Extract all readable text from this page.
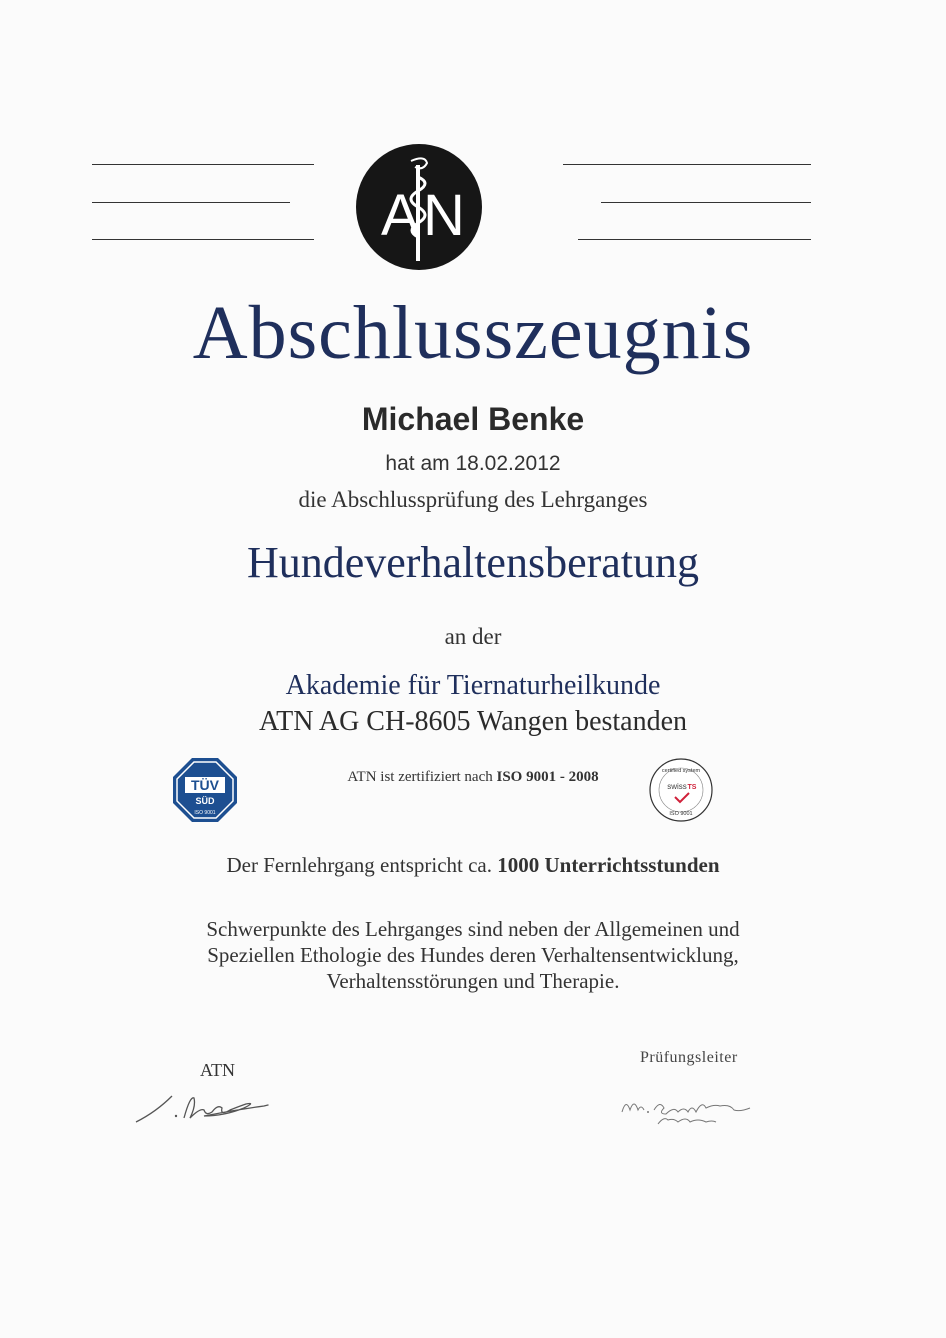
A N
Abschlusszeugnis
Michael Benke
hat am 18.02.2012
die Abschlussprüfung des Lehrganges
Hundeverhaltensberatung
an der
Akademie für Tiernaturheilkunde
ATN AG CH-8605 Wangen bestanden
TÜV
SÜD
ISO 9001
ATN ist zertifiziert nach ISO 9001 - 2008	certified system
swiss TS
ISO 9001
Der Fernlehrgang entspricht ca. 1000 Unterrichtsstunden
Schwerpunkte des Lehrganges sind neben der Allgemeinen und
Speziellen Ethologie des Hundes deren Verhaltensentwicklung,
Verhaltensstörungen und Therapie.
ATN
Prüfungsleiter
